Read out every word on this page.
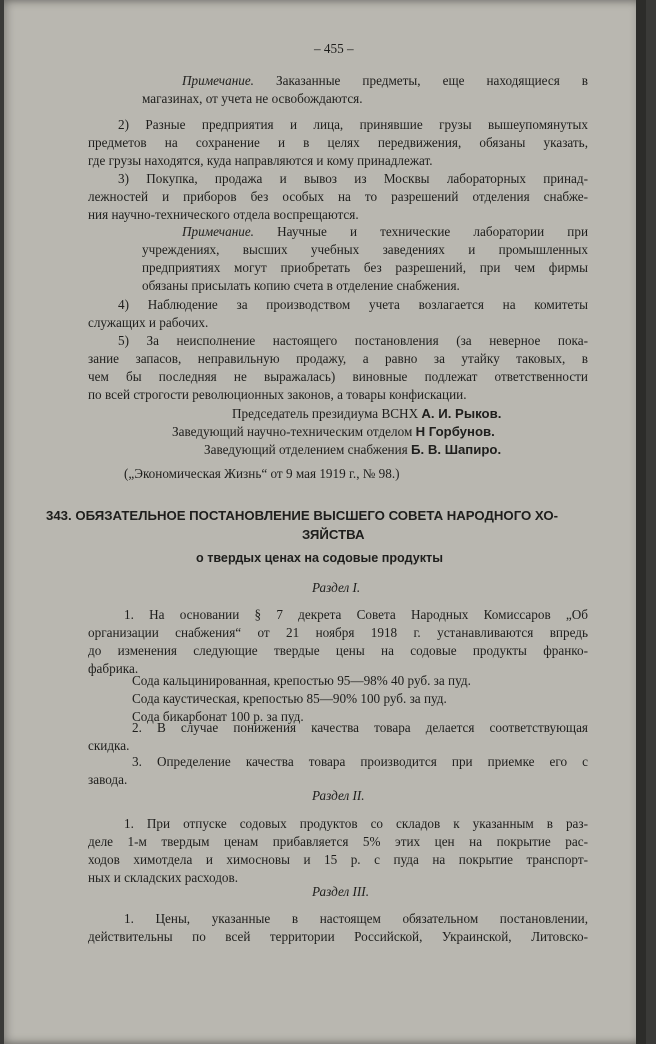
– 455 –

Примечание. Заказанные предметы, еще находящиеся в

магазинах, от учета не освобождаются.

2) Разные предприятия и лица, принявшие грузы вышеупомянутых

предметов на сохранение и в целях передвижения, обязаны указать,

где грузы находятся, куда направляются и кому принадлежат.

3) Покупка, продажа и вывоз из Москвы лабораторных принад-

лежностей и приборов без особых на то разрешений отделения снабже-

ния научно-технического отдела воспрещаются.

Примечание. Научные и технические лаборатории при

учреждениях, высших учебных заведениях и промышленных

предприятиях могут приобретать без разрешений, при чем фирмы

обязаны присылать копию счета в отделение снабжения.

4) Наблюдение за производством учета возлагается на комитеты

служащих и рабочих.

5) За неисполнение настоящего постановления (за неверное пока-

зание запасов, неправильную продажу, а равно за утайку таковых, в

чем бы последняя не выражалась) виновные подлежат ответственности

по всей строгости революционных законов, а товары конфискации.

Председатель президиума ВСНХ А. И. Рыков.

Заведующий научно-техническим отделом Н Горбунов.

Заведующий отделением снабжения Б. В. Шапиро.

(„Экономическая Жизнь“ от 9 мая 1919 г., № 98.)

343. ОБЯЗАТЕЛЬНОЕ ПОСТАНОВЛЕНИЕ ВЫСШЕГО СОВЕТА НАРОДНОГО ХО-

ЗЯЙСТВА

о твердых ценах на содовые продукты

Раздел I.

1. На основании § 7 декрета Совета Народных Комиссаров „Об

организации снабжения“ от 21 ноября 1918 г. устанавливаются впредь

до изменения следующие твердые цены на содовые продукты франко-

фабрика.

Сода кальцинированная, крепостью 95—98% 40 руб. за пуд.

Сода каустическая, крепостью 85—90% 100 руб. за пуд.

Сода бикарбонат 100 р. за пуд.

2. В случае понижения качества товара делается соответствующая

скидка.

3. Определение качества товара производится при приемке его с

завода.

Раздел II.

1. При отпуске содовых продуктов со складов к указанным в раз-

деле 1-м твердым ценам прибавляется 5% этих цен на покрытие рас-

ходов химотдела и химосновы и 15 р. с пуда на покрытие транспорт-

ных и складских расходов.

Раздел III.

1. Цены, указанные в настоящем обязательном постановлении,

действительны по всей территории Российской, Украинской, Литовско-
